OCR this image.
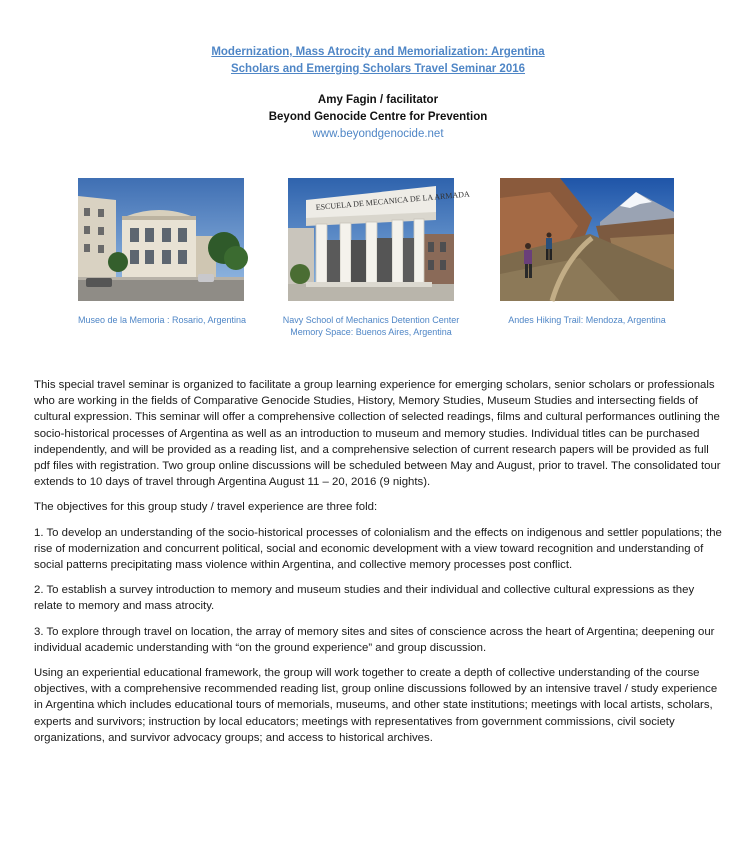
Modernization, Mass Atrocity and Memorialization: Argentina
Scholars and Emerging Scholars Travel Seminar 2016
Amy Fagin / facilitator
Beyond Genocide Centre for Prevention
www.beyondgenocide.net
Museo de la Memoria : Rosario, Argentina
ESCUELA DE MECANICA DE LA ARMADA
Navy School of Mechanics Detention Center
Memory Space: Buenos Aires, Argentina
Andes Hiking Trail: Mendoza, Argentina

This special travel seminar is organized to facilitate a group learning experience for emerging scholars, senior scholars or professionals who are working in the fields of Comparative Genocide Studies, History, Memory Studies, Museum Studies and intersecting fields of cultural expression. This seminar will offer a comprehensive collection of selected readings, films and cultural performances outlining the socio-historical processes of Argentina as well as an introduction to museum and memory studies. Individual titles can be purchased independently, and will be provided as a reading list, and a comprehensive selection of current research papers will be provided as full pdf files with registration. Two group online discussions will be scheduled between May and August, prior to travel. The consolidated tour extends to 10 days of travel through Argentina August 11 – 20, 2016 (9 nights).

The objectives for this group study / travel experience are three fold:

1. To develop an understanding of the socio-historical processes of colonialism and the effects on indigenous and settler populations; the rise of modernization and concurrent political, social and economic development with a view toward recognition and understanding of social patterns precipitating mass violence within Argentina, and collective memory processes post conflict.

2. To establish a survey introduction to memory and museum studies and their individual and collective cultural expressions as they relate to memory and mass atrocity.

3. To explore through travel on location, the array of memory sites and sites of conscience across the heart of Argentina; deepening our individual academic understanding with “on the ground experience” and group discussion.

Using an experiential educational framework, the group will work together to create a depth of collective understanding of the course objectives, with a comprehensive recommended reading list, group online discussions followed by an intensive travel / study experience in Argentina which includes educational tours of memorials, museums, and other state institutions; meetings with local artists, scholars, experts and survivors; instruction by local educators; meetings with representatives from government commissions, civil society organizations, and survivor advocacy groups; and access to historical archives.
